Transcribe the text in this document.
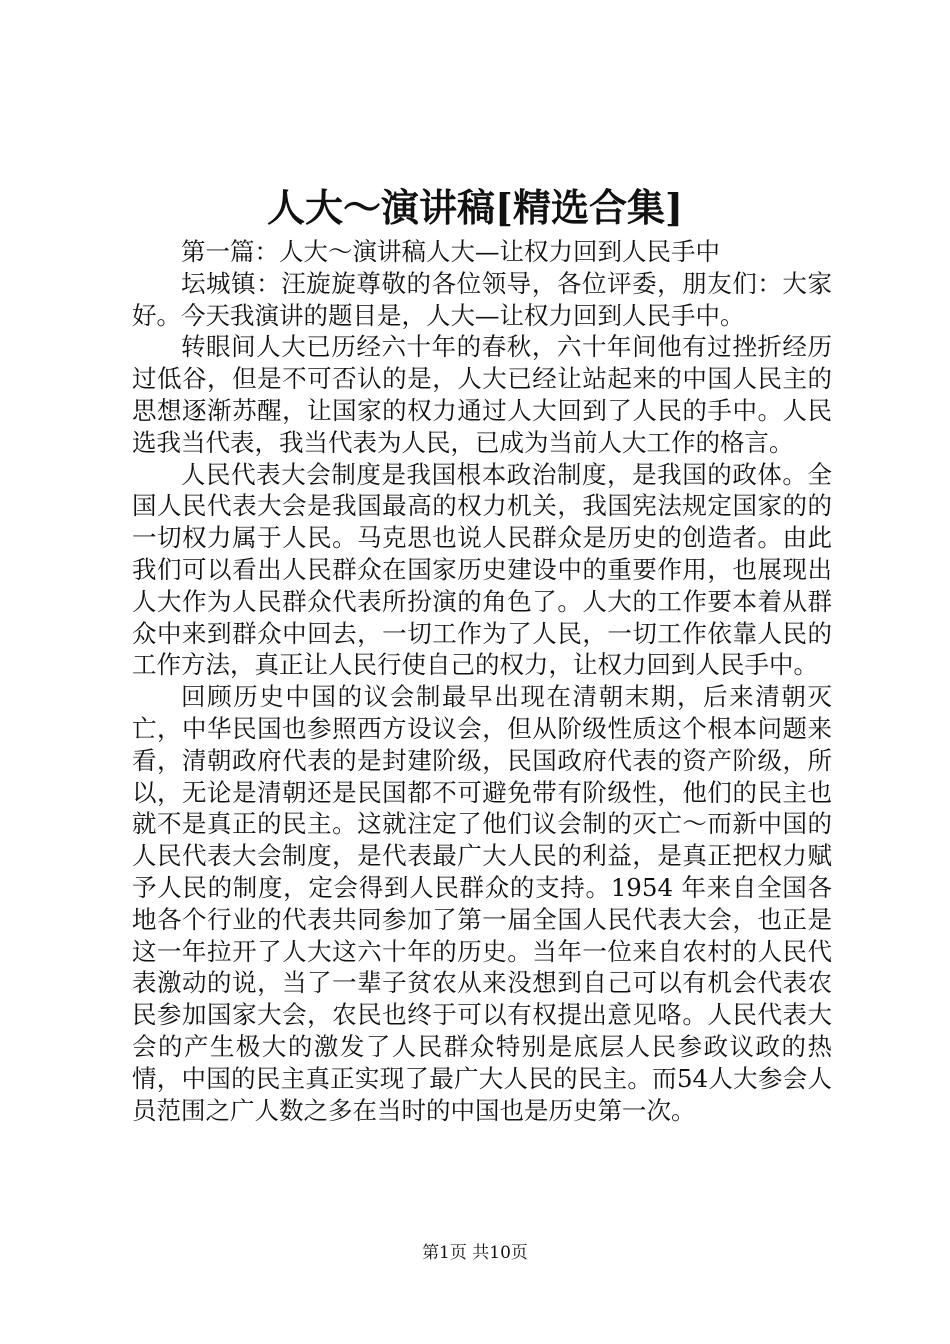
人大～演讲稿[精选合集]

第一篇：人大～演讲稿人大—让权力回到人民手中

坛城镇：汪旋旋尊敬的各位领导，各位评委，朋友们：大家好。今天我演讲的题目是，人大—让权力回到人民手中。

转眼间人大已历经六十年的春秋，六十年间他有过挫折经历过低谷，但是不可否认的是，人大已经让站起来的中国人民主的思想逐渐苏醒，让国家的权力通过人大回到了人民的手中。人民选我当代表，我当代表为人民，已成为当前人大工作的格言。

人民代表大会制度是我国根本政治制度，是我国的政体。全国人民代表大会是我国最高的权力机关，我国宪法规定国家的的一切权力属于人民。马克思也说人民群众是历史的创造者。由此我们可以看出人民群众在国家历史建设中的重要作用，也展现出人大作为人民群众代表所扮演的角色了。人大的工作要本着从群众中来到群众中回去，一切工作为了人民，一切工作依靠人民的工作方法，真正让人民行使自己的权力，让权力回到人民手中。

回顾历史中国的议会制最早出现在清朝末期，后来清朝灭亡，中华民国也参照西方设议会，但从阶级性质这个根本问题来看，清朝政府代表的是封建阶级，民国政府代表的资产阶级，所以，无论是清朝还是民国都不可避免带有阶级性，他们的民主也就不是真正的民主。这就注定了他们议会制的灭亡～而新中国的人民代表大会制度，是代表最广大人民的利益，是真正把权力赋予人民的制度，定会得到人民群众的支持。1954 年来自全国各地各个行业的代表共同参加了第一届全国人民代表大会，也正是这一年拉开了人大这六十年的历史。当年一位来自农村的人民代表激动的说，当了一辈子贫农从来没想到自己可以有机会代表农民参加国家大会，农民也终于可以有权提出意见咯。人民代表大会的产生极大的激发了人民群众特别是底层人民参政议政的热情，中国的民主真正实现了最广大人民的民主。而54人大参会人员范围之广人数之多在当时的中国也是历史第一次。

第1页 共10页
